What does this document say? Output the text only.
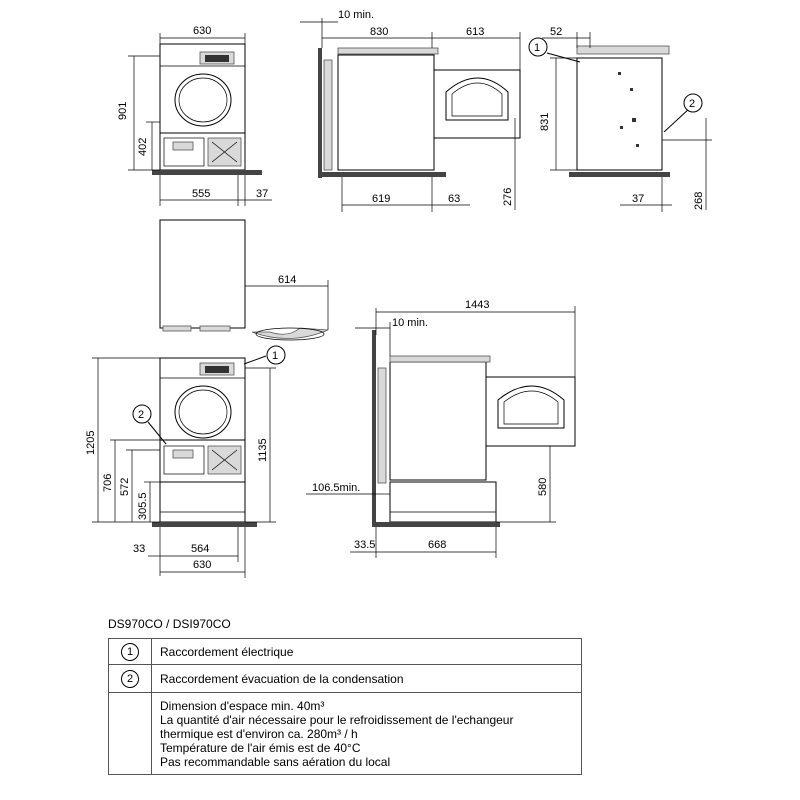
630
901
402
555	37
10 min.
830	613
619	63	276
1
2
52
831
37	268
614
1
2
1205
706 572
305.5
1135
33	564
630
1443
10 min.
106.5min.	580
33.5	668
DS970CO / DSI970CO
1	Raccordement électrique
2	Raccordement évacuation de la condensation

	Dimension d'espace min. 40m³
La quantité d'air nécessaire pour le refroidissement de l'echangeur
thermique est d'environ ca. 280m³ / h
Température de l'air émis est de 40°C
Pas recommandable sans aération du local
